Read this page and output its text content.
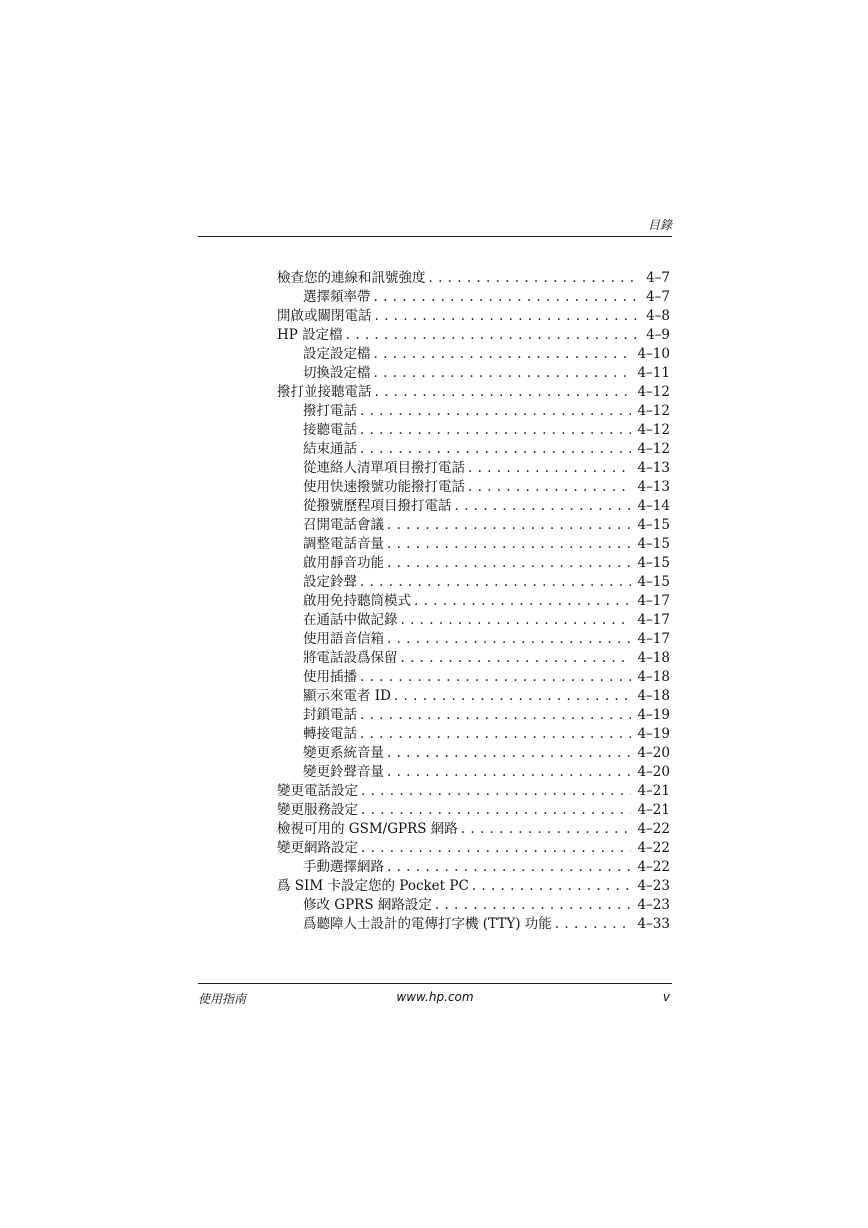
目錄
檢查您的連線和訊號強度 . . .	4–7
選擇頻率帶 . . .	4–7
開啟或關閉電話 . . .	4–8
HP 設定檔 . . .	4–9
設定設定檔 . . .	4–10
切換設定檔 . . .	4–11
撥打並接聽電話 . . .	4–12
撥打電話 . . .	4–12
接聽電話 . . .	4–12
結束通話 . . .	4–12
從連絡人清單項目撥打電話 . . .	4–13
使用快速撥號功能撥打電話 . . .	4–13
從撥號歷程項目撥打電話 . . .	4–14
召開電話會議 . . .	4–15
調整電話音量 . . .	4–15
啟用靜音功能 . . .	4–15
設定鈴聲 . . .	4–15
啟用免持聽筒模式 . . .	4–17
在通話中做記錄 . . .	4–17
使用語音信箱 . . .	4–17
將電話設爲保留 . . .	4–18
使用插播 . . .	4–18
顯示來電者 ID . . .	4–18
封鎖電話 . . .	4–19
轉接電話 . . .	4–19
變更系統音量 . . .	4–20
變更鈴聲音量 . . .	4–20
變更電話設定 . . .	4–21
變更服務設定 . . .	4–21
檢視可用的 GSM/GPRS 網路 . . .	4–22
變更網路設定 . . .	4–22
手動選擇網路 . . .	4–22
爲 SIM 卡設定您的 Pocket PC . . .	4–23
修改 GPRS 網路設定 . . .	4–23
爲聽障人士設計的電傳打字機 (TTY) 功能 . . .	4–33
使用指南	www.hp.com	v
